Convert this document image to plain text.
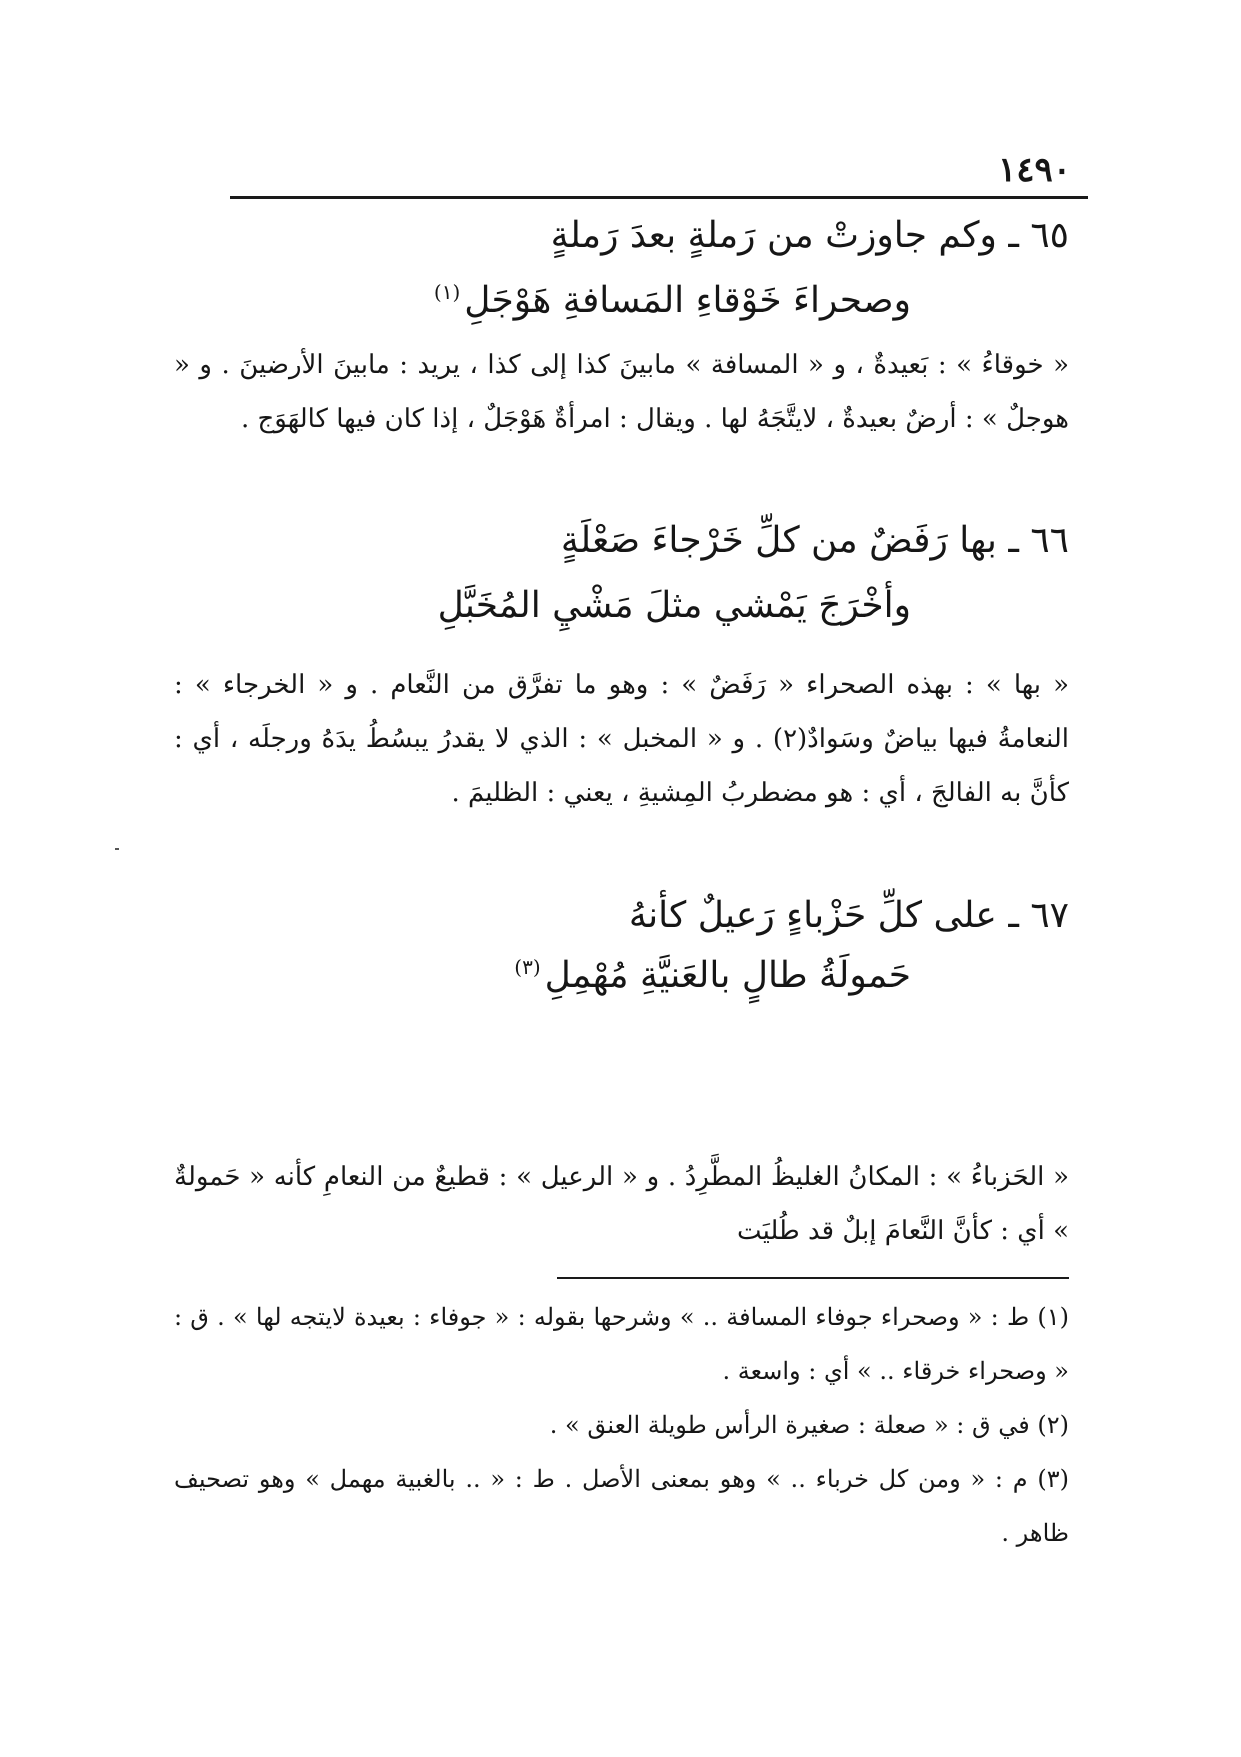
١٤٩٠
٦٥ ـ وكم جاوزتْ من رَملةٍ بعدَ رَملةٍ
وصحراءَ خَوْقاءِ المَسافةِ هَوْجَلِ$^{(١)}$

« خوقاءُ » : بَعيدةٌ ، و « المسافة » مابينَ كذا إلى كذا ، يريد : مابينَ الأرضينَ . و « هوجلٌ » : أرضٌ بعيدةٌ ، لايتَّجَهُ لها . ويقال : امرأةٌ هَوْجَلٌ ، إذا كان فيها كالهَوَج .

٦٦ ـ بها رَفَضٌ من كلِّ خَرْجاءَ صَعْلَةٍ
وأخْرَجَ يَمْشي مثلَ مَشْيِ المُخَبَّلِ

« بها » : بهذه الصحراء « رَفَضٌ » : وهو ما تفرَّق من النَّعام . و « الخرجاء » : النعامةُ فيها بياضٌ وسَوادٌ(٢) . و « المخبل » : الذي لا يقدرُ يبسُطُ يدَهُ ورجلَه ، أي : كأنَّ به الفالجَ ، أي : هو مضطربُ المِشيةِ ، يعني : الظليمَ .

٦٧ ـ على كلِّ حَزْباءٍ رَعيلٌ كأنهُ
حَمولَةُ طالٍ بالعَنيَّةِ مُهْمِلِ$^{(٣)}$

« الحَزباءُ » : المكانُ الغليظُ المطَّرِدُ . و « الرعيل » : قطيعٌ من النعامِ كأنه « حَمولةٌ » أي : كأنَّ النَّعامَ إبلٌ قد طُليَت

(١) ط : « وصحراء جوفاء المسافة .. » وشرحها بقوله : « جوفاء : بعيدة لايتجه لها » . ق : « وصحراء خرقاء .. » أي : واسعة .

(٢) في ق : « صعلة : صغيرة الرأس طويلة العنق » .

(٣) م : « ومن كل خرباء .. » وهو بمعنى الأصل . ط : « .. بالغبية مهمل » وهو تصحيف ظاهر .
